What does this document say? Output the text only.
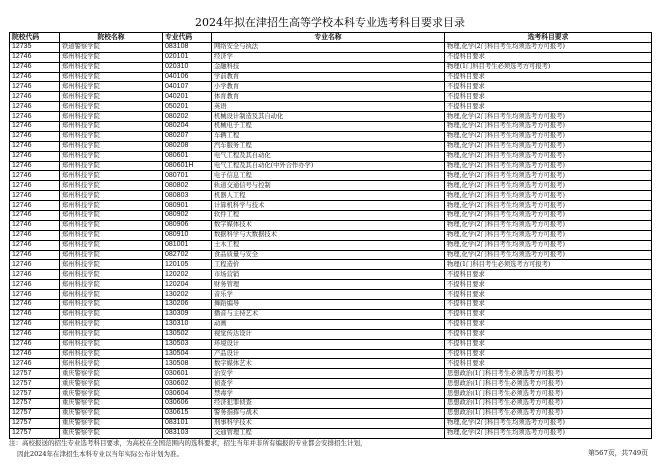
2024年拟在津招生高等学校本科专业选考科目要求目录
院校代码	院校名称	专业代码	专业名称	选考科目要求
12735	铁道警察学院	083108	网络安全与执法	物理,化学(2门科目考生均须选考方可报考)
12746	郑州科技学院	020101	经济学	不提科目要求
12746	郑州科技学院	020310	金融科技	物理(1门科目考生必须选考方可报考)
12746	郑州科技学院	040106	学前教育	不提科目要求
12746	郑州科技学院	040107	小学教育	不提科目要求
12746	郑州科技学院	040201	体育教育	不提科目要求
12746	郑州科技学院	050201	英语	不提科目要求
12746	郑州科技学院	080202	机械设计制造及其自动化	物理,化学(2门科目考生均须选考方可报考)
12746	郑州科技学院	080204	机械电子工程	物理,化学(2门科目考生均须选考方可报考)
12746	郑州科技学院	080207	车辆工程	物理,化学(2门科目考生均须选考方可报考)
12746	郑州科技学院	080208	汽车服务工程	物理,化学(2门科目考生均须选考方可报考)
12746	郑州科技学院	080601	电气工程及其自动化	物理,化学(2门科目考生均须选考方可报考)
12746	郑州科技学院	080601H	电气工程及其自动化(中外合作办学)	物理,化学(2门科目考生均须选考方可报考)
12746	郑州科技学院	080701	电子信息工程	物理,化学(2门科目考生均须选考方可报考)
12746	郑州科技学院	080802	轨道交通信号与控制	物理,化学(2门科目考生均须选考方可报考)
12746	郑州科技学院	080803	机器人工程	物理,化学(2门科目考生均须选考方可报考)
12746	郑州科技学院	080901	计算机科学与技术	物理,化学(2门科目考生均须选考方可报考)
12746	郑州科技学院	080902	软件工程	物理,化学(2门科目考生均须选考方可报考)
12746	郑州科技学院	080906	数字媒体技术	物理,化学(2门科目考生均须选考方可报考)
12746	郑州科技学院	080910	数据科学与大数据技术	物理,化学(2门科目考生均须选考方可报考)
12746	郑州科技学院	081001	土木工程	物理,化学(2门科目考生均须选考方可报考)
12746	郑州科技学院	082702	食品质量与安全	物理,化学(2门科目考生均须选考方可报考)
12746	郑州科技学院	120105	工程造价	物理(1门科目考生必须选考方可报考)
12746	郑州科技学院	120202	市场营销	不提科目要求
12746	郑州科技学院	120204	财务管理	不提科目要求
12746	郑州科技学院	130202	音乐学	不提科目要求
12746	郑州科技学院	130206	舞蹈编导	不提科目要求
12746	郑州科技学院	130309	播音与主持艺术	不提科目要求
12746	郑州科技学院	130310	动画	不提科目要求
12746	郑州科技学院	130502	视觉传达设计	不提科目要求
12746	郑州科技学院	130503	环境设计	不提科目要求
12746	郑州科技学院	130504	产品设计	不提科目要求
12746	郑州科技学院	130508	数字媒体艺术	不提科目要求
12757	重庆警察学院	030601	治安学	思想政治(1门科目考生必须选考方可报考)
12757	重庆警察学院	030602	侦查学	思想政治(1门科目考生必须选考方可报考)
12757	重庆警察学院	030604	禁毒学	思想政治(1门科目考生必须选考方可报考)
12757	重庆警察学院	030606	经济犯罪侦查	思想政治(1门科目考生必须选考方可报考)
12757	重庆警察学院	030615	警务指挥与战术	思想政治(1门科目考生必须选考方可报考)
12757	重庆警察学院	083101	刑事科学技术	物理,化学(2门科目考生均须选考方可报考)
12757	重庆警察学院	083103	交通管理工程	物理,化学(2门科目考生均须选考方可报考)
注：高校报送的招生专业选考科目要求，为高校在全国范围内的选科要求，招生当年并非所有编报的专业都会安排招生计划，
因此2024年在津招生本科专业以当年实际公布计划为准。	第567页，共749页
